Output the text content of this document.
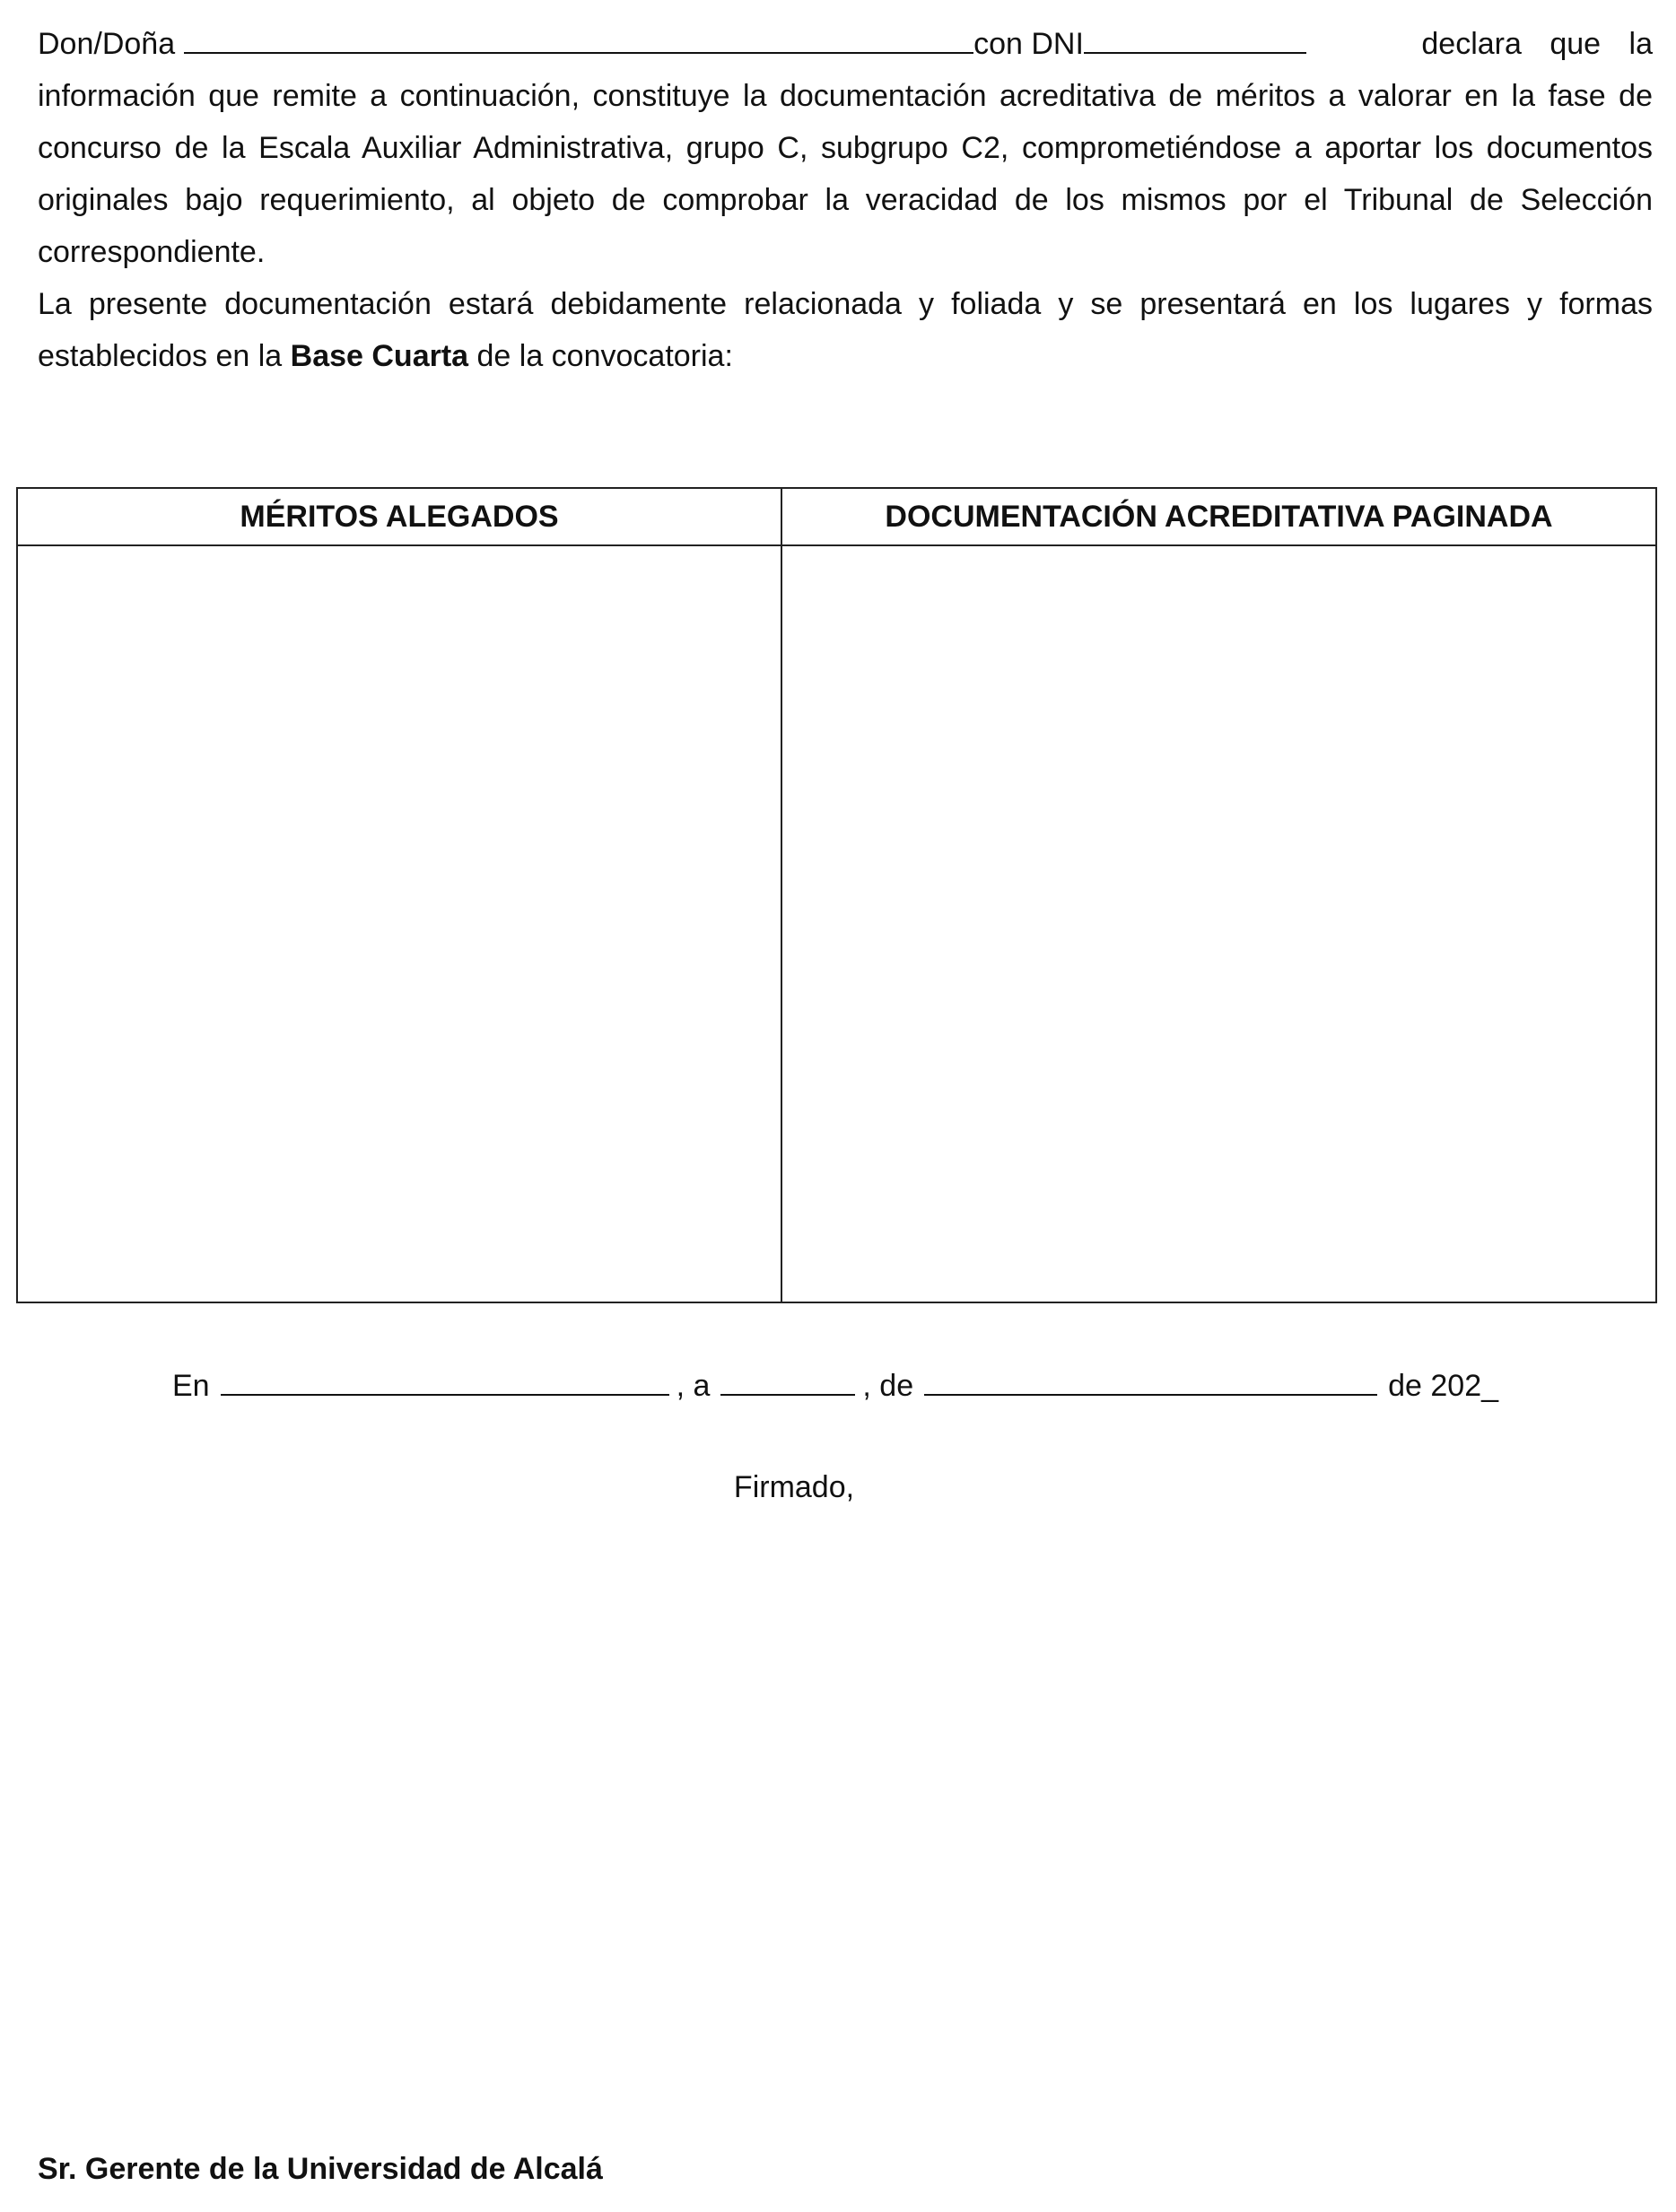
Don/Doña	con DNI	declara que la

información que remite a continuación, constituye la documentación acreditativa de méritos a valorar en la fase de concurso de la Escala Auxiliar Administrativa, grupo C, subgrupo C2, comprometiéndose a aportar los documentos originales bajo requerimiento, al objeto de comprobar la veracidad de los mismos por el Tribunal de Selección correspondiente.

La presente documentación estará debidamente relacionada y foliada y se presentará en los lugares y formas establecidos en la Base Cuarta de la convocatoria:

MÉRITOS ALEGADOS	DOCUMENTACIÓN ACREDITATIVA PAGINADA

En	, a	, de	de 202_
Firmado,
Sr. Gerente de la Universidad de Alcalá
